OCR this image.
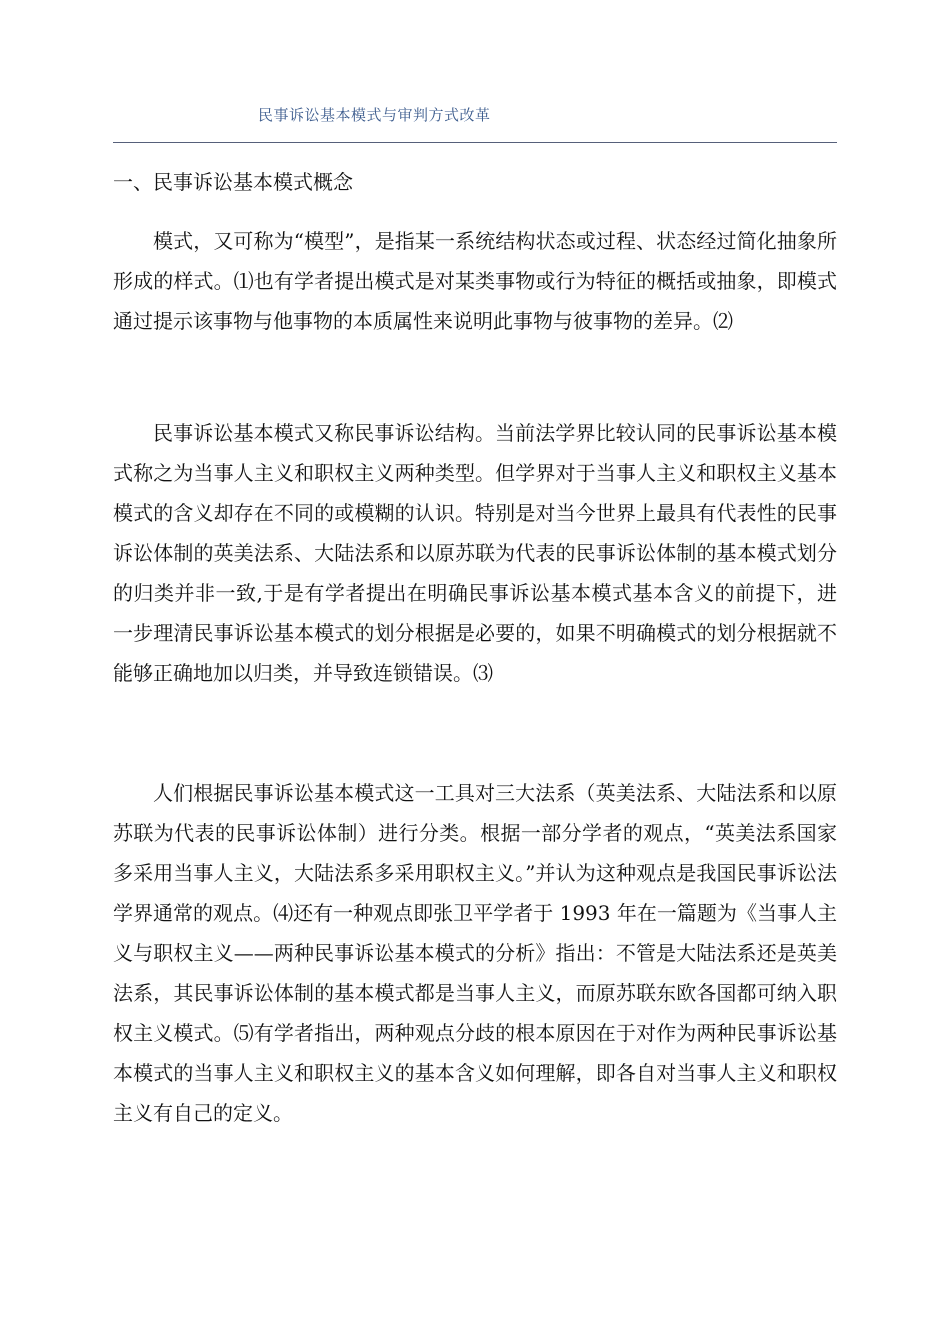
民事诉讼基本模式与审判方式改革
一、民事诉讼基本模式概念

模式，又可称为“模型”，是指某一系统结构状态或过程、状态经过简化抽象所形成的样式。⑴也有学者提出模式是对某类事物或行为特征的概括或抽象，即模式通过提示该事物与他事物的本质属性来说明此事物与彼事物的差异。⑵

民事诉讼基本模式又称民事诉讼结构。当前法学界比较认同的民事诉讼基本模式称之为当事人主义和职权主义两种类型。但学界对于当事人主义和职权主义基本模式的含义却存在不同的或模糊的认识。特别是对当今世界上最具有代表性的民事诉讼体制的英美法系、大陆法系和以原苏联为代表的民事诉讼体制的基本模式划分的归类并非一致,于是有学者提出在明确民事诉讼基本模式基本含义的前提下，进一步理清民事诉讼基本模式的划分根据是必要的，如果不明确模式的划分根据就不能够正确地加以归类，并导致连锁错误。⑶

人们根据民事诉讼基本模式这一工具对三大法系（英美法系、大陆法系和以原苏联为代表的民事诉讼体制）进行分类。根据一部分学者的观点，“英美法系国家多采用当事人主义，大陆法系多采用职权主义。”并认为这种观点是我国民事诉讼法学界通常的观点。⑷还有一种观点即张卫平学者于 1993 年在一篇题为《当事人主义与职权主义——两种民事诉讼基本模式的分析》指出：不管是大陆法系还是英美法系，其民事诉讼体制的基本模式都是当事人主义，而原苏联东欧各国都可纳入职权主义模式。⑸有学者指出，两种观点分歧的根本原因在于对作为两种民事诉讼基本模式的当事人主义和职权主义的基本含义如何理解，即各自对当事人主义和职权主义有自己的定义。
